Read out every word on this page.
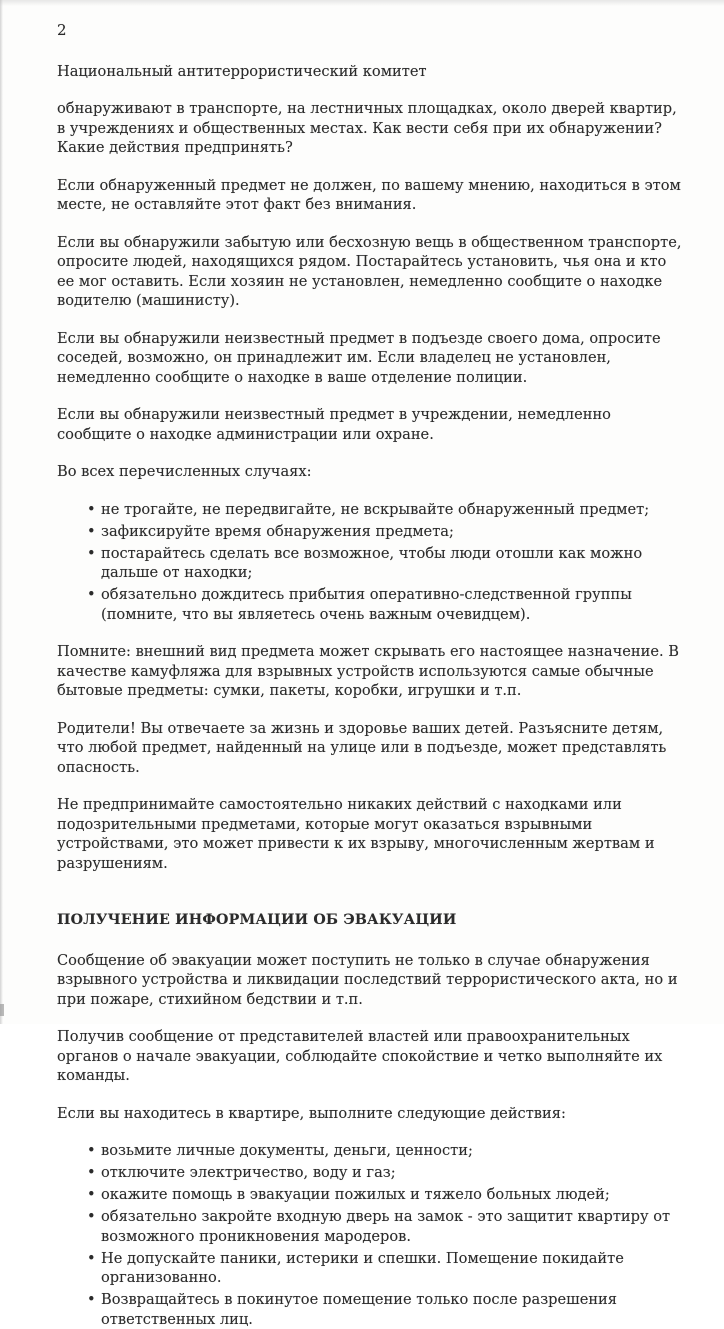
2

Национальный антитеррористический комитет

обнаруживают в транспорте, на лестничных площадках, около дверей квартир, в учреждениях и общественных местах. Как вести себя при их обнаружении? Какие действия предпринять?

Если обнаруженный предмет не должен, по вашему мнению, находиться в этом месте, не оставляйте этот факт без внимания.

Если вы обнаружили забытую или бесхозную вещь в общественном транспорте, опросите людей, находящихся рядом. Постарайтесь установить, чья она и кто ее мог оставить. Если хозяин не установлен, немедленно сообщите о находке водителю (машинисту).

Если вы обнаружили неизвестный предмет в подъезде своего дома, опросите соседей, возможно, он принадлежит им. Если владелец не установлен, немедленно сообщите о находке в ваше отделение полиции.

Если вы обнаружили неизвестный предмет в учреждении, немедленно сообщите о находке администрации или охране.

Во всех перечисленных случаях:

• не трогайте, не передвигайте, не вскрывайте обнаруженный предмет;
• зафиксируйте время обнаружения предмета;
• постарайтесь сделать все возможное, чтобы люди отошли как можно дальше от находки;
• обязательно дождитесь прибытия оперативно-следственной группы (помните, что вы являетесь очень важным очевидцем).

Помните: внешний вид предмета может скрывать его настоящее назначение. В качестве камуфляжа для взрывных устройств используются самые обычные бытовые предметы: сумки, пакеты, коробки, игрушки и т.п.

Родители! Вы отвечаете за жизнь и здоровье ваших детей. Разъясните детям, что любой предмет, найденный на улице или в подъезде, может представлять опасность.

Не предпринимайте самостоятельно никаких действий с находками или подозрительными предметами, которые могут оказаться взрывными устройствами, это может привести к их взрыву, многочисленным жертвам и разрушениям.

ПОЛУЧЕНИЕ ИНФОРМАЦИИ ОБ ЭВАКУАЦИИ

Сообщение об эвакуации может поступить не только в случае обнаружения взрывного устройства и ликвидации последствий террористического акта, но и при пожаре, стихийном бедствии и т.п.

Получив сообщение от представителей властей или правоохранительных органов о начале эвакуации, соблюдайте спокойствие и четко выполняйте их команды.

Если вы находитесь в квартире, выполните следующие действия:

• возьмите личные документы, деньги, ценности;
• отключите электричество, воду и газ;
• окажите помощь в эвакуации пожилых и тяжело больных людей;
• обязательно закройте входную дверь на замок - это защитит квартиру от возможного проникновения мародеров.
• Не допускайте паники, истерики и спешки. Помещение покидайте организованно.
• Возвращайтесь в покинутое помещение только после разрешения ответственных лиц.
